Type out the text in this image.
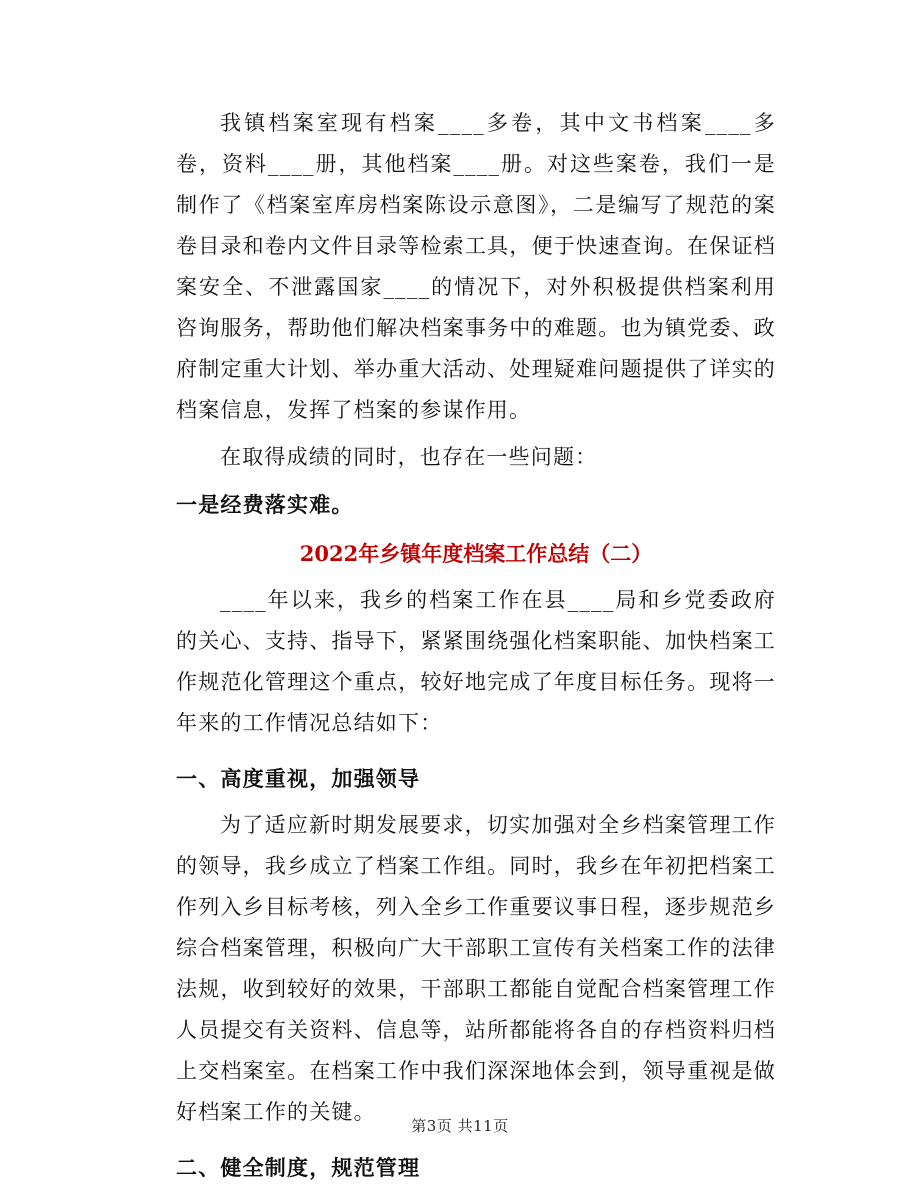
我镇档案室现有档案____多卷，其中文书档案____多卷，资料____册，其他档案____册。对这些案卷，我们一是制作了《档案室库房档案陈设示意图》，二是编写了规范的案卷目录和卷内文件目录等检索工具，便于快速查询。在保证档案安全、不泄露国家____的情况下，对外积极提供档案利用咨询服务，帮助他们解决档案事务中的难题。也为镇党委、政府制定重大计划、举办重大活动、处理疑难问题提供了详实的档案信息，发挥了档案的参谋作用。

在取得成绩的同时，也存在一些问题：

一是经费落实难。

2022年乡镇年度档案工作总结（二）

____年以来，我乡的档案工作在县____局和乡党委政府的关心、支持、指导下，紧紧围绕强化档案职能、加快档案工作规范化管理这个重点，较好地完成了年度目标任务。现将一年来的工作情况总结如下：

一、高度重视，加强领导

为了适应新时期发展要求，切实加强对全乡档案管理工作的领导，我乡成立了档案工作组。同时，我乡在年初把档案工作列入乡目标考核，列入全乡工作重要议事日程，逐步规范乡综合档案管理，积极向广大干部职工宣传有关档案工作的法律法规，收到较好的效果，干部职工都能自觉配合档案管理工作人员提交有关资料、信息等，站所都能将各自的存档资料归档上交档案室。在档案工作中我们深深地体会到，领导重视是做好档案工作的关键。

二、健全制度，规范管理

第3页 共11页
